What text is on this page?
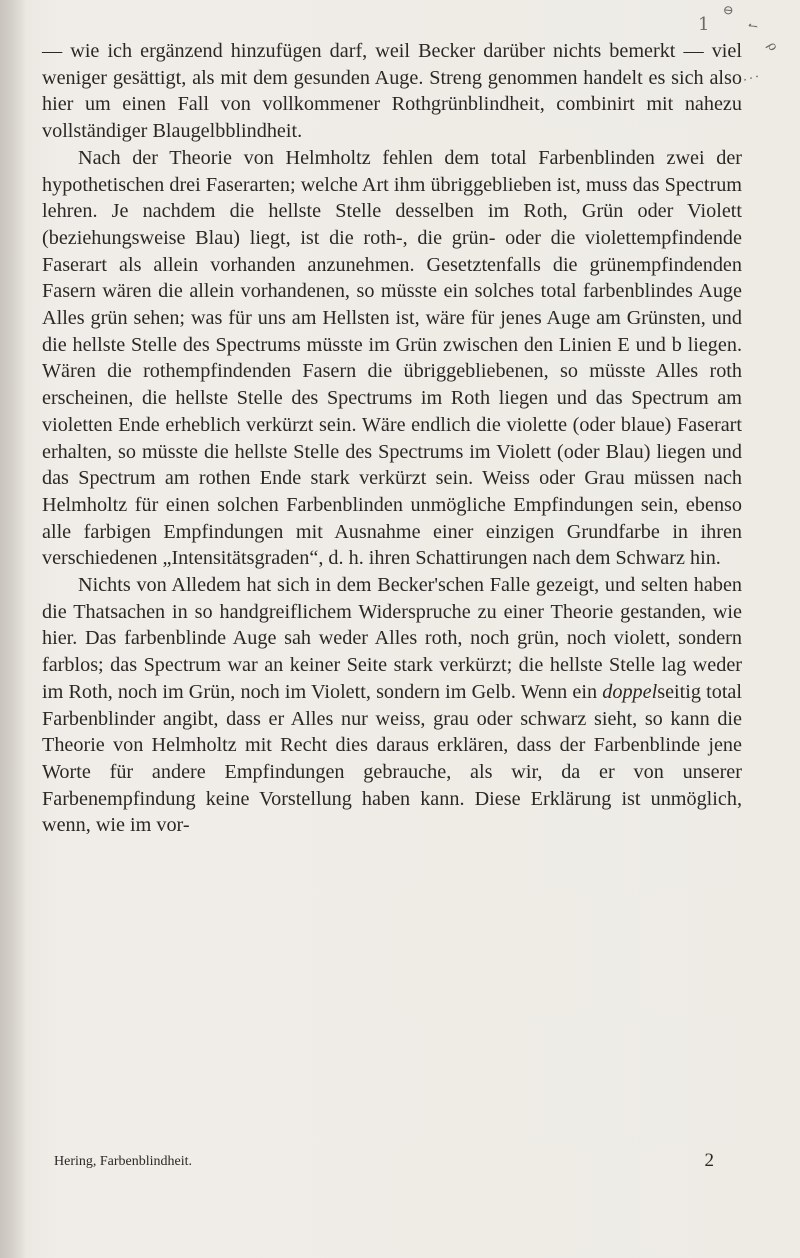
1
⊘
✓
ρ
⋰

— wie ich ergänzend hinzufügen darf, weil Becker darüber nichts bemerkt — viel weniger gesättigt, als mit dem gesunden Auge. Streng genommen handelt es sich also hier um einen Fall von vollkommener Rothgrünblindheit, combinirt mit nahezu vollständiger Blaugelbblindheit.

Nach der Theorie von Helmholtz fehlen dem total Farbenblinden zwei der hypothetischen drei Faserarten; welche Art ihm übriggeblieben ist, muss das Spectrum lehren. Je nachdem die hellste Stelle desselben im Roth, Grün oder Violett (beziehungsweise Blau) liegt, ist die roth-, die grün- oder die violettempfindende Faserart als allein vorhanden anzunehmen. Gesetztenfalls die grünempfindenden Fasern wären die allein vorhandenen, so müsste ein solches total farbenblindes Auge Alles grün sehen; was für uns am Hellsten ist, wäre für jenes Auge am Grünsten, und die hellste Stelle des Spectrums müsste im Grün zwischen den Linien E und b liegen. Wären die rothempfindenden Fasern die übriggebliebenen, so müsste Alles roth erscheinen, die hellste Stelle des Spectrums im Roth liegen und das Spectrum am violetten Ende erheblich verkürzt sein. Wäre endlich die violette (oder blaue) Faserart erhalten, so müsste die hellste Stelle des Spectrums im Violett (oder Blau) liegen und das Spectrum am rothen Ende stark verkürzt sein. Weiss oder Grau müssen nach Helmholtz für einen solchen Farbenblinden unmögliche Empfindungen sein, ebenso alle farbigen Empfindungen mit Ausnahme einer einzigen Grundfarbe in ihren verschiedenen „Intensitätsgraden“, d. h. ihren Schattirungen nach dem Schwarz hin.

Nichts von Alledem hat sich in dem Becker'schen Falle gezeigt, und selten haben die Thatsachen in so handgreiflichem Widerspruche zu einer Theorie gestanden, wie hier. Das farbenblinde Auge sah weder Alles roth, noch grün, noch violett, sondern farblos; das Spectrum war an keiner Seite stark verkürzt; die hellste Stelle lag weder im Roth, noch im Grün, noch im Violett, sondern im Gelb. Wenn ein doppelseitig total Farbenblinder angibt, dass er Alles nur weiss, grau oder schwarz sieht, so kann die Theorie von Helmholtz mit Recht dies daraus erklären, dass der Farbenblinde jene Worte für andere Empfindungen gebrauche, als wir, da er von unserer Farbenempfindung keine Vorstellung haben kann. Diese Erklärung ist unmöglich, wenn, wie im vor-

Hering, Farbenblindheit.	2
